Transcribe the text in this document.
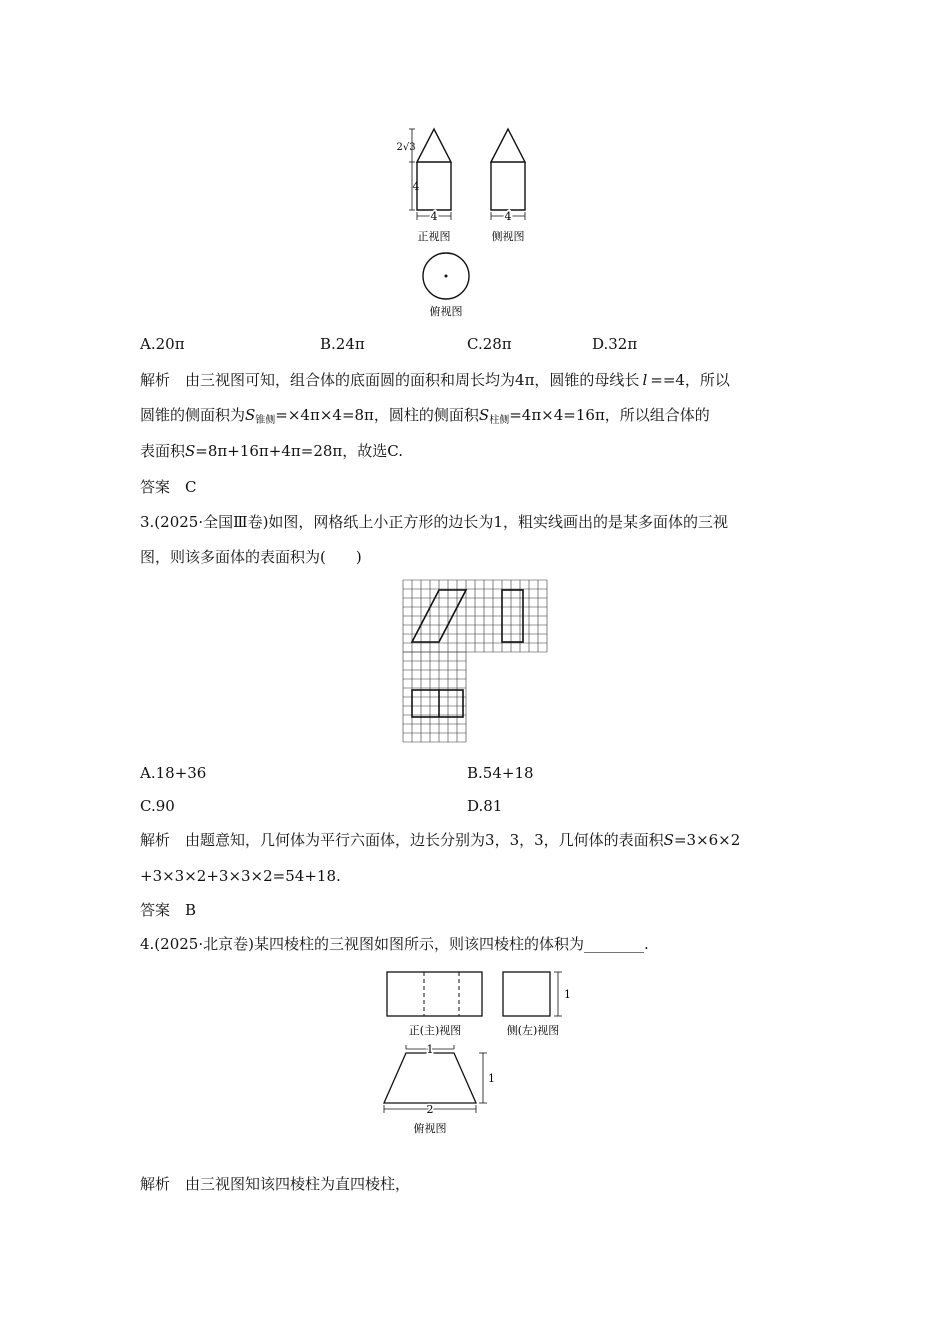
2√3
4
4	4
正视图	侧视图
俯视图
A.20π	B.24π	C.28π	D.32π
解析　 由三视图可知，组合体的底面圆的面积和周长均为4π，圆锥的母线长 l ==4，所以
圆锥的侧面积为$S_{锥侧}=\times 4\pi\times 4=8\pi$，圆柱的侧面积$S_{柱侧}=4\pi\times 4=16\pi$，所以组合体的
表面积S=8π+16π+4π=28π，故选C.
答案　 C
3.(2025·全国Ⅲ卷)如图，网格纸上小正方形的边长为1，粗实线画出的是某多面体的三视
图，则该多面体的表面积为(　　)
A.18+36	B.54+18
C.90	D.81
解析　 由题意知，几何体为平行六面体，边长分别为3，3，3，几何体的表面积S=3×6×2
+3×3×2+3×3×2=54+18.
答案　 B
4.(2025·北京卷)某四棱柱的三视图如图所示，则该四棱柱的体积为________.
1
1
1
2
正(主)视图	侧(左)视图
俯视图
解析　 由三视图知该四棱柱为直四棱柱，
